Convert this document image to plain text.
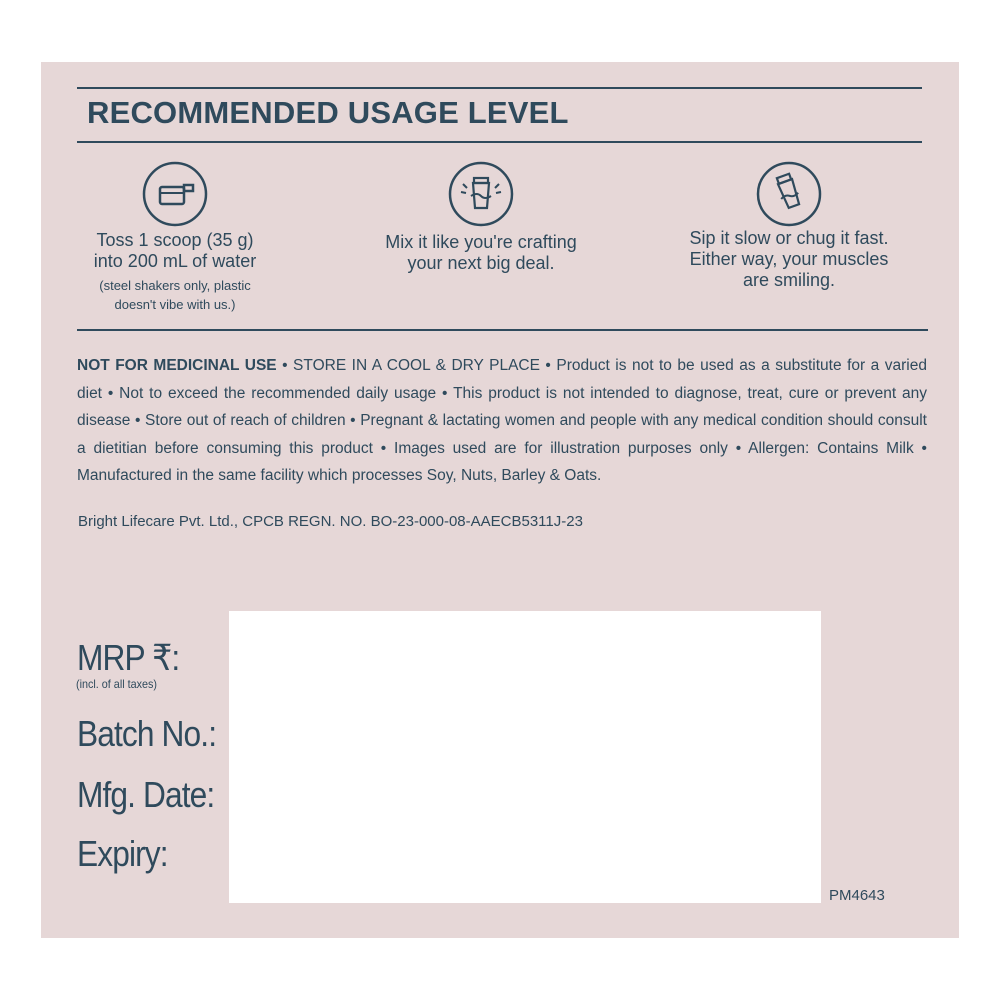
RECOMMENDED USAGE LEVEL
Toss 1 scoop (35 g)
into 200 mL of water
(steel shakers only, plastic
doesn't vibe with us.)
Mix it like you're crafting
your next big deal.
Sip it slow or chug it fast.
Either way, your muscles
are smiling.
NOT FOR MEDICINAL USE • STORE IN A COOL & DRY PLACE • Product is not to be used as a substitute for a varied diet • Not to exceed the recommended daily usage • This product is not intended to diagnose, treat, cure or prevent any disease • Store out of reach of children • Pregnant & lactating women and people with any medical condition should consult a dietitian before consuming this product • Images used are for illustration purposes only • Allergen: Contains Milk • Manufactured in the same facility which processes Soy, Nuts, Barley & Oats.
Bright Lifecare Pvt. Ltd., CPCB REGN. NO. BO-23-000-08-AAECB5311J-23
MRP ₹:
(incl. of all taxes)
Batch No.:
Mfg. Date:
Expiry:
PM4643
